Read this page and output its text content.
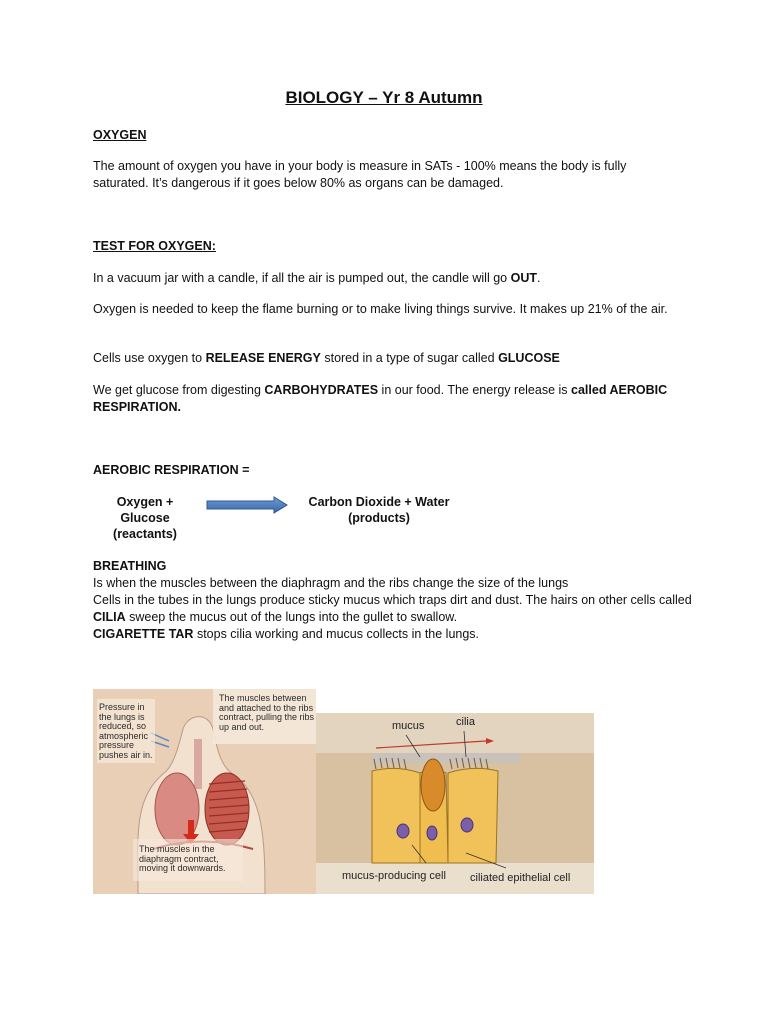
BIOLOGY – Yr 8 Autumn
OXYGEN
The amount of oxygen you have in your body is measure in SATs - 100% means the body is fully saturated. It’s dangerous if it goes below 80% as organs can be damaged.
TEST FOR OXYGEN:
In a vacuum jar with a candle, if all the air is pumped out, the candle will go OUT.
Oxygen is needed to keep the flame burning or to make living things survive. It makes up 21% of the air.
Cells use oxygen to RELEASE ENERGY stored in a type of sugar called GLUCOSE
We get glucose from digesting CARBOHYDRATES in our food. The energy release is called AEROBIC RESPIRATION.
AEROBIC RESPIRATION =
Oxygen + Glucose
(reactants)
Carbon Dioxide + Water
(products)
BREATHING
Is when the muscles between the diaphragm and the ribs change the size of the lungs
Cells in the tubes in the lungs produce sticky mucus which traps dirt and dust. The hairs on other cells called CILIA sweep the mucus out of the lungs into the gullet to swallow.
CIGARETTE TAR stops cilia working and mucus collects in the lungs.
Pressure in the lungs is reduced, so atmospheric pressure pushes air in.
The muscles between and attached to the ribs contract, pulling the ribs up and out.
The muscles in the diaphragm contract, moving it downwards.
mucus	cilia
mucus-producing cell ciliated epithelial cell
